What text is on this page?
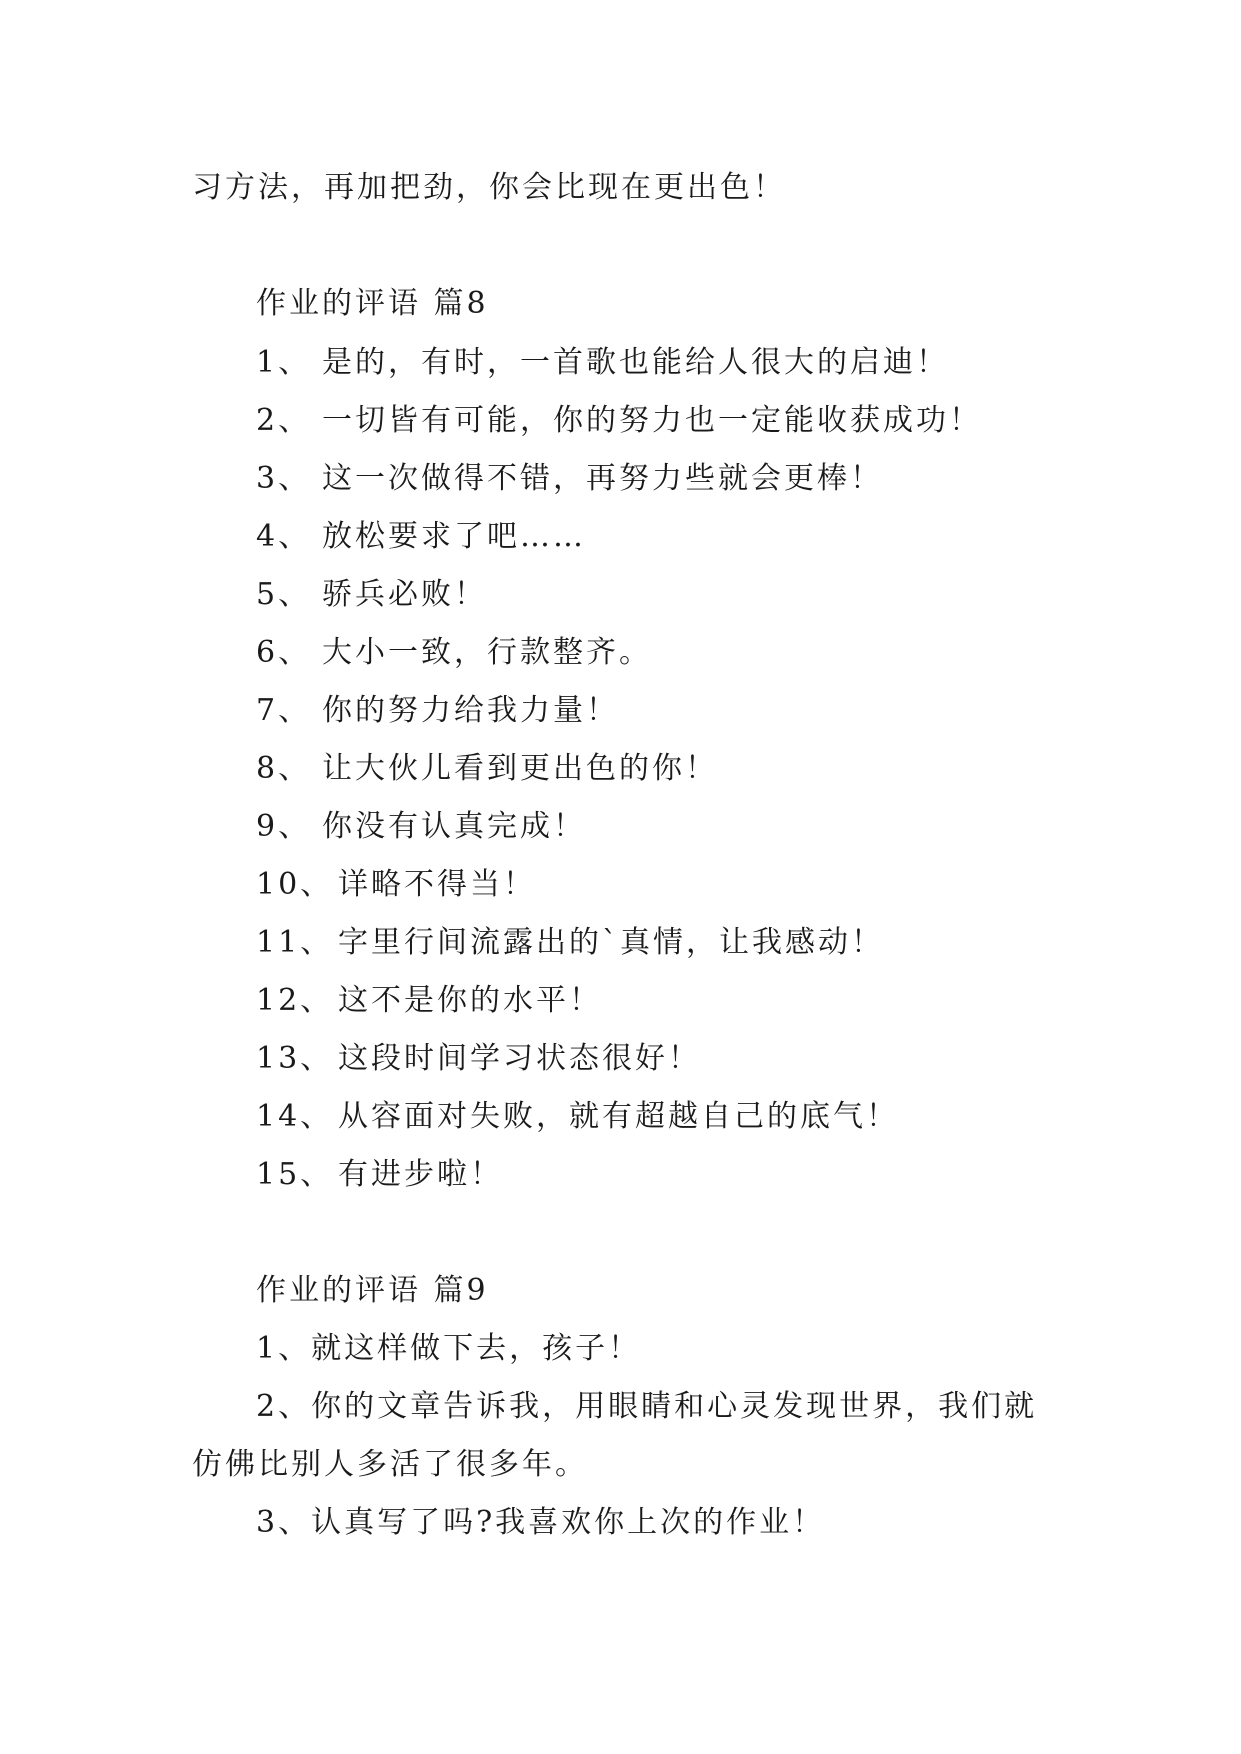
习方法，再加把劲，你会比现在更出色！
作业的评语 篇8
1、 是的，有时，一首歌也能给人很大的启迪！
2、 一切皆有可能，你的努力也一定能收获成功！
3、 这一次做得不错，再努力些就会更棒！
4、 放松要求了吧……
5、 骄兵必败！
6、 大小一致，行款整齐。
7、 你的努力给我力量！
8、 让大伙儿看到更出色的你！
9、 你没有认真完成！
10、 详略不得当！
11、 字里行间流露出的`真情，让我感动！
12、 这不是你的水平！
13、 这段时间学习状态很好！
14、 从容面对失败，就有超越自己的底气！
15、 有进步啦！
作业的评语 篇9
1、就这样做下去，孩子！
2、你的文章告诉我，用眼睛和心灵发现世界，我们就
仿佛比别人多活了很多年。
3、认真写了吗?我喜欢你上次的作业！
